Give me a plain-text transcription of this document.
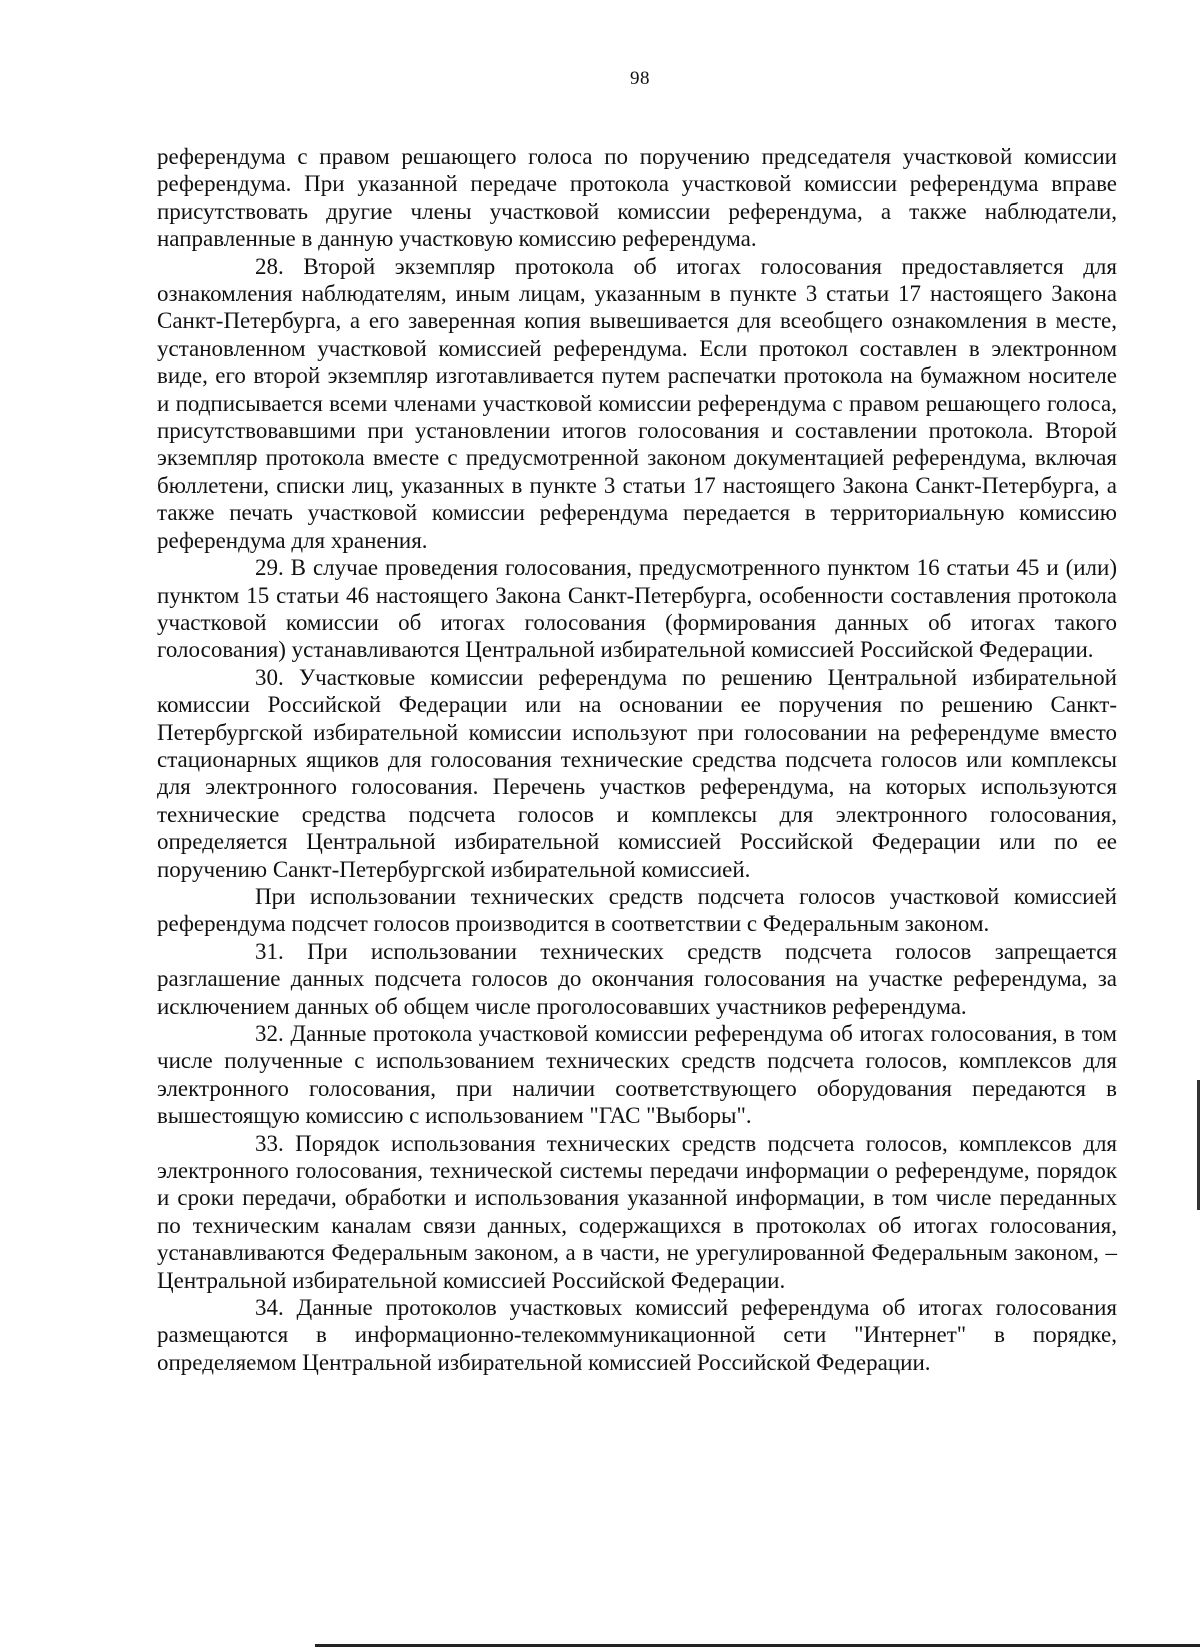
98

референдума с правом решающего голоса по поручению председателя участковой комиссии референдума. При указанной передаче протокола участковой комиссии референдума вправе присутствовать другие члены участковой комиссии референдума, а также наблюдатели, направленные в данную участковую комиссию референдума.

28. Второй экземпляр протокола об итогах голосования предоставляется для ознакомления наблюдателям, иным лицам, указанным в пункте 3 статьи 17 настоящего Закона Санкт-Петербурга, а его заверенная копия вывешивается для всеобщего ознакомления в месте, установленном участковой комиссией референдума. Если протокол составлен в электронном виде, его второй экземпляр изготавливается путем распечатки протокола на бумажном носителе и подписывается всеми членами участковой комиссии референдума с правом решающего голоса, присутствовавшими при установлении итогов голосования и составлении протокола. Второй экземпляр протокола вместе с предусмотренной законом документацией референдума, включая бюллетени, списки лиц, указанных в пункте 3 статьи 17 настоящего Закона Санкт-Петербурга, а также печать участковой комиссии референдума передается в территориальную комиссию референдума для хранения.

29. В случае проведения голосования, предусмотренного пунктом 16 статьи 45 и (или) пунктом 15 статьи 46 настоящего Закона Санкт-Петербурга, особенности составления протокола участковой комиссии об итогах голосования (формирования данных об итогах такого голосования) устанавливаются Центральной избирательной комиссией Российской Федерации.

30. Участковые комиссии референдума по решению Центральной избирательной комиссии Российской Федерации или на основании ее поручения по решению Санкт-Петербургской избирательной комиссии используют при голосовании на референдуме вместо стационарных ящиков для голосования технические средства подсчета голосов или комплексы для электронного голосования. Перечень участков референдума, на которых используются технические средства подсчета голосов и комплексы для электронного голосования, определяется Центральной избирательной комиссией Российской Федерации или по ее поручению Санкт-Петербургской избирательной комиссией.

При использовании технических средств подсчета голосов участковой комиссией референдума подсчет голосов производится в соответствии с Федеральным законом.

31. При использовании технических средств подсчета голосов запрещается разглашение данных подсчета голосов до окончания голосования на участке референдума, за исключением данных об общем числе проголосовавших участников референдума.

32. Данные протокола участковой комиссии референдума об итогах голосования, в том числе полученные с использованием технических средств подсчета голосов, комплексов для электронного голосования, при наличии соответствующего оборудования передаются в вышестоящую комиссию с использованием "ГАС "Выборы".

33. Порядок использования технических средств подсчета голосов, комплексов для электронного голосования, технической системы передачи информации о референдуме, порядок и сроки передачи, обработки и использования указанной информации, в том числе переданных по техническим каналам связи данных, содержащихся в протоколах об итогах голосования, устанавливаются Федеральным законом, а в части, не урегулированной Федеральным законом, – Центральной избирательной комиссией Российской Федерации.

34. Данные протоколов участковых комиссий референдума об итогах голосования размещаются в информационно-телекоммуникационной сети "Интернет" в порядке, определяемом Центральной избирательной комиссией Российской Федерации.
